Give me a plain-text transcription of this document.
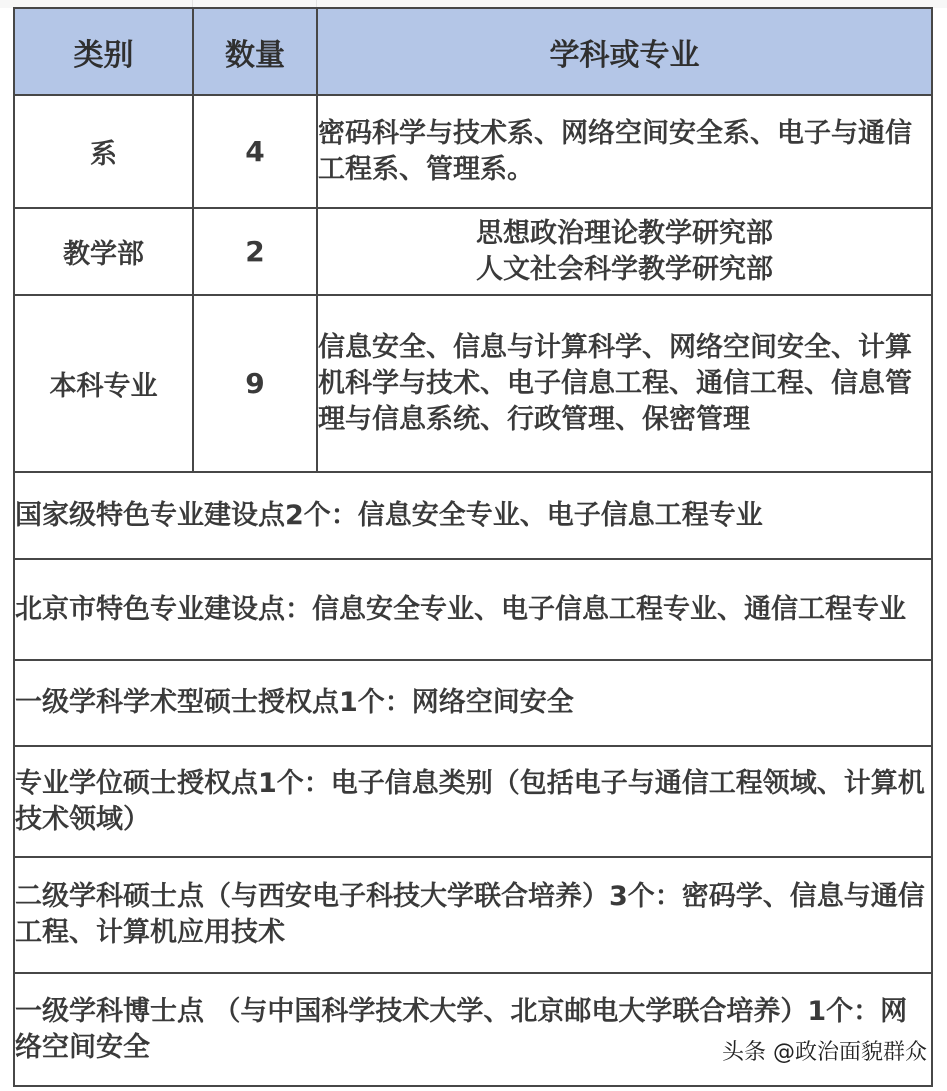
类别	数量	学科或专业
系	4	密码科学与技术系、网络空间安全系、电子与通信工程系、管理系。
教学部	2	思想政治理论教学研究部
人文社会科学教学研究部

本科专业	9	信息安全、信息与计算科学、网络空间安全、计算机科学与技术、电子信息工程、通信工程、信息管理与信息系统、行政管理、保密管理
国家级特色专业建设点2个：信息安全专业、电子信息工程专业		
北京市特色专业建设点：信息安全专业、电子信息工程专业、通信工程专业		
一级学科学术型硕士授权点1个：网络空间安全		
专业学位硕士授权点1个：电子信息类别（包括电子与通信工程领域、计算机技术领域）		
二级学科硕士点（与西安电子科技大学联合培养）3个：密码学、信息与通信工程、计算机应用技术		
一级学科博士点 （与中国科学技术大学、北京邮电大学联合培养）1个：网络空间安全			头条 @政治面貌群众
